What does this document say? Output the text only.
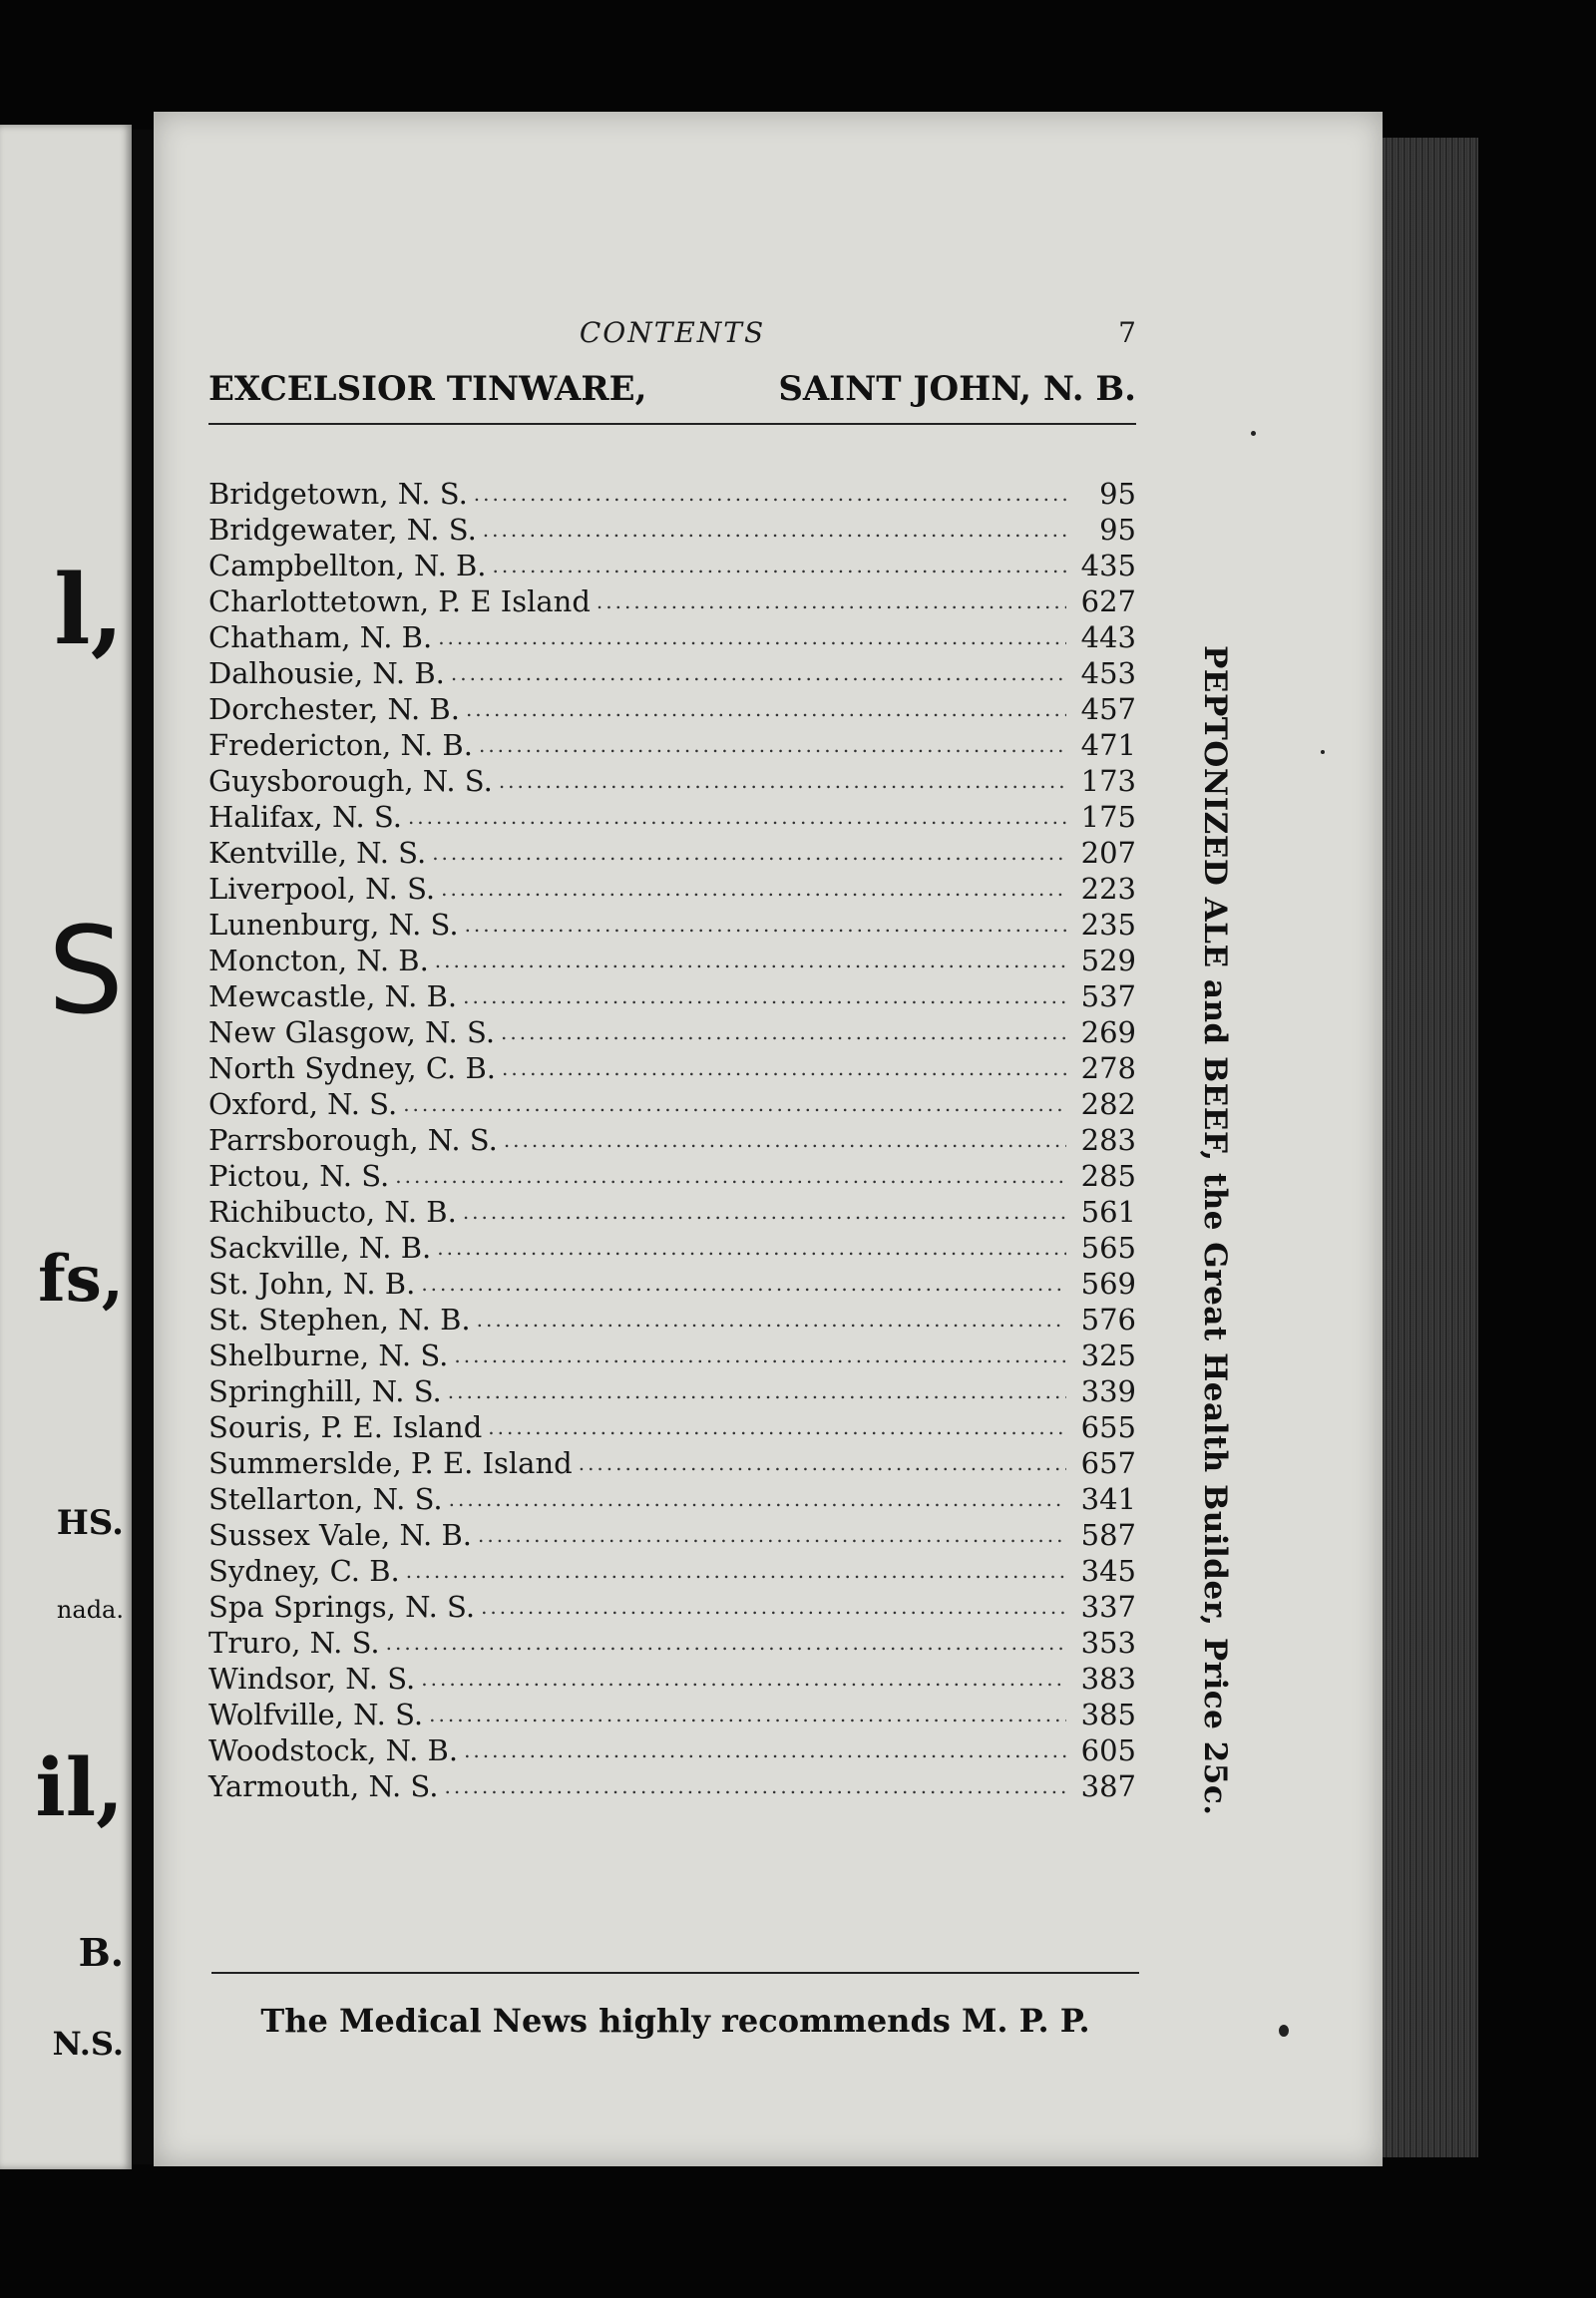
l,
S
fs,
HS.
nada.
il,
B.
N.S.
CONTENTS	7
EXCELSIOR TINWARE,	SAINT JOHN, N. B.
Bridgetown, N. S. .....	95
Bridgewater, N. S. .....	95
Campbellton, N. B. .....	435
Charlottetown, P. E Island .....	627
Chatham, N. B. .....	443
Dalhousie, N. B. .....	453
Dorchester, N. B. .....	457
Fredericton, N. B. .....	471
Guysborough, N. S. .....	173
Halifax, N. S. .....	175
Kentville, N. S. .....	207
Liverpool, N. S. .....	223
Lunenburg, N. S. .....	235
Moncton, N. B. .....	529
Mewcastle, N. B. .....	537
New Glasgow, N. S. .....	269
North Sydney, C. B. .....	278
Oxford, N. S. .....	282
Parrsborough, N. S. .....	283
Pictou, N. S. .....	285
Richibucto, N. B. .....	561
Sackville, N. B. .....	565
St. John, N. B. .....	569
St. Stephen, N. B. .....	576
Shelburne, N. S. .....	325
Springhill, N. S. .....	339
Souris, P. E. Island .....	655
Summerslde, P. E. Island .....	657
Stellarton, N. S. .....	341
Sussex Vale, N. B. .....	587
Sydney, C. B. .....	345
Spa Springs, N. S. .....	337
Truro, N. S. .....	353
Windsor, N. S. .....	383
Wolfville, N. S. .....	385
Woodstock, N. B. .....	605
Yarmouth, N. S. .....	387 PEPTONIZED ALE and BEEF, the Great Health Builder, Price 25c.
The Medical News highly recommends M. P. P.
